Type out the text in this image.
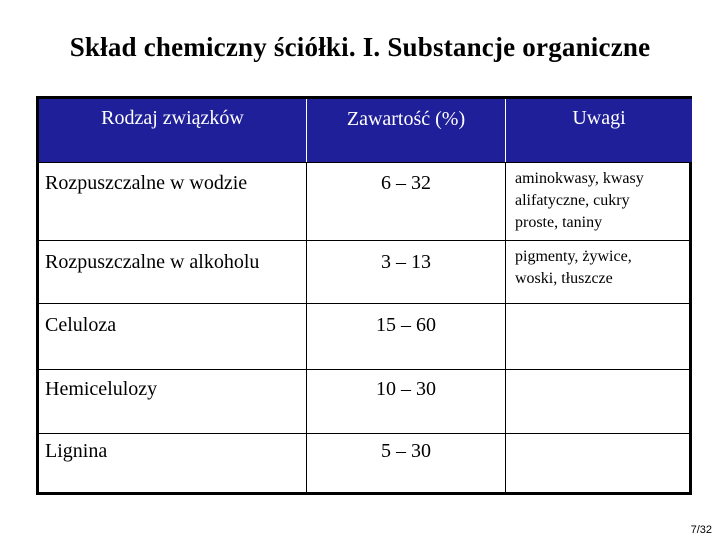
Skład chemiczny ściółki. I. Substancje organiczne
Rodzaj związków	Zawartość (%)	Uwagi
Rozpuszczalne w wodzie	6 – 32	aminokwasy, kwasy
alifatyczne, cukry
proste, taniny
Rozpuszczalne w alkoholu	3 – 13	pigmenty, żywice,
woski, tłuszcze
Celuloza	15 – 60
Hemicelulozy	10 – 30
Lignina	5 – 30
7/32
